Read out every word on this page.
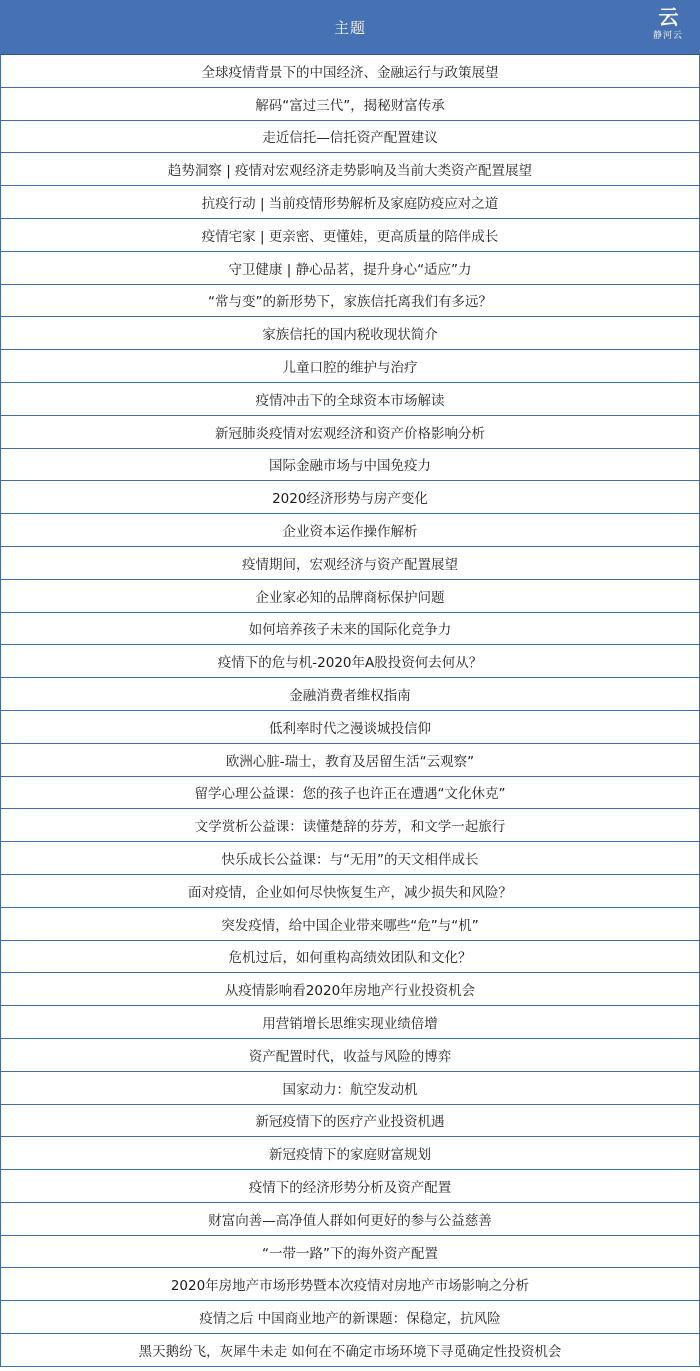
主题	云
静河云
全球疫情背景下的中国经济、金融运行与政策展望
解码“富过三代”，揭秘财富传承
走近信托—信托资产配置建议
趋势洞察 | 疫情对宏观经济走势影响及当前大类资产配置展望
抗疫行动 | 当前疫情形势解析及家庭防疫应对之道
疫情宅家 | 更亲密、更懂娃，更高质量的陪伴成长
守卫健康 | 静心品茗，提升身心“适应”力
“常与变”的新形势下，家族信托离我们有多远？
家族信托的国内税收现状简介
儿童口腔的维护与治疗
疫情冲击下的全球资本市场解读
新冠肺炎疫情对宏观经济和资产价格影响分析
国际金融市场与中国免疫力
2020经济形势与房产变化
企业资本运作操作解析
疫情期间，宏观经济与资产配置展望
企业家必知的品牌商标保护问题
如何培养孩子未来的国际化竞争力
疫情下的危与机-2020年A股投资何去何从？
金融消费者维权指南
低利率时代之漫谈城投信仰
欧洲心脏-瑞士，教育及居留生活“云观察”
留学心理公益课：您的孩子也许正在遭遇“文化休克”
文学赏析公益课：读懂楚辞的芬芳，和文学一起旅行
快乐成长公益课：与“无用”的天文相伴成长
面对疫情，企业如何尽快恢复生产，减少损失和风险？
突发疫情，给中国企业带来哪些“危”与“机”
危机过后，如何重构高绩效团队和文化？
从疫情影响看2020年房地产行业投资机会
用营销增长思维实现业绩倍增
资产配置时代，收益与风险的博弈
国家动力：航空发动机
新冠疫情下的医疗产业投资机遇
新冠疫情下的家庭财富规划
疫情下的经济形势分析及资产配置
财富向善—高净值人群如何更好的参与公益慈善
“一带一路”下的海外资产配置
2020年房地产市场形势暨本次疫情对房地产市场影响之分析
疫情之后 中国商业地产的新课题：保稳定，抗风险
黑天鹅纷飞，灰犀牛未走 如何在不确定市场环境下寻觅确定性投资机会
